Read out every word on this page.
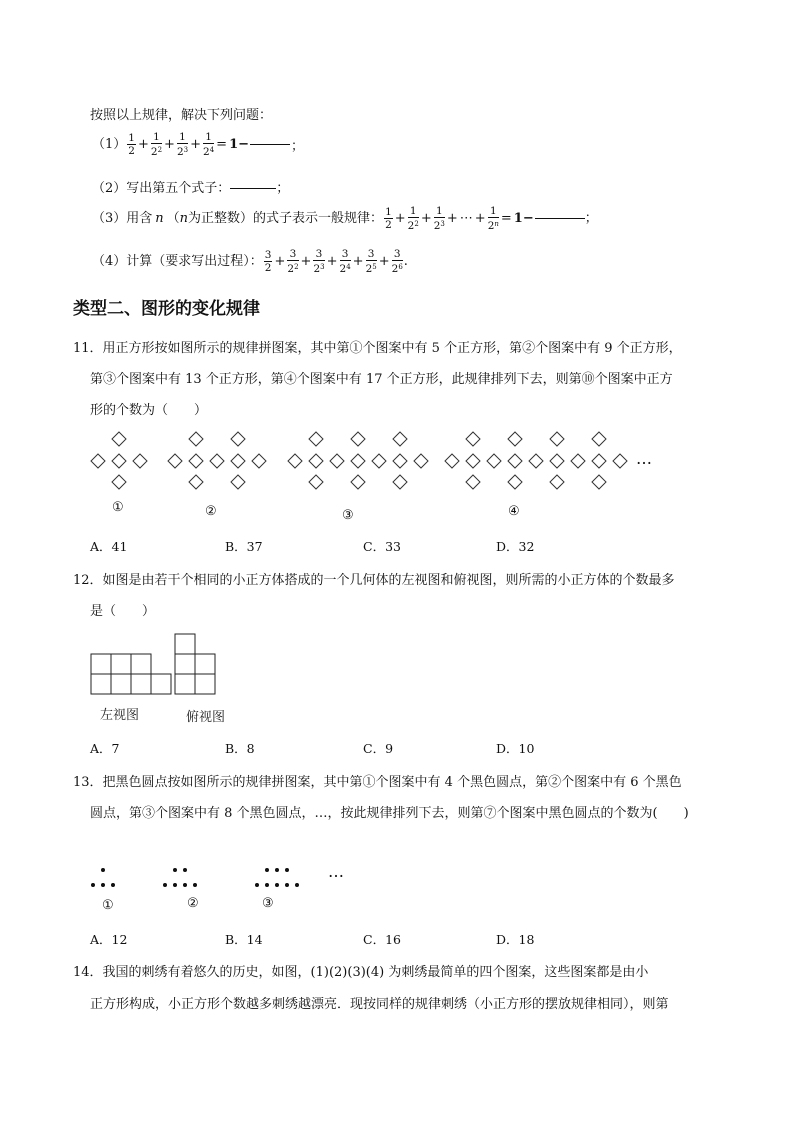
按照以上规律，解决下列问题：
$(1) \frac{1}{2} + \frac{1}{2^2} + \frac{1}{2^3} + \frac{1}{2^4} = 1-$	；
（2）写出第五个式子：	；
（3）用含 n （n为正整数）的式子表示一般规律： $\frac{1}{2} + \frac{1}{2^2} + \frac{1}{2^3}$ + ⋯ + $\frac{1}{2^n} = 1-$	；
（4）计算（要求写出过程）： $\frac{3}{2} + \frac{3}{2^2} + \frac{3}{2^3} + \frac{3}{2^4} + \frac{3}{2^5} + \frac{3}{2^6}$ .
类型二、图形的变化规律
11．用正方形按如图所示的规律拼图案，其中第①个图案中有 5 个正方形，第②个图案中有 9 个正方形，
第③个图案中有 13 个正方形，第④个图案中有 17 个正方形，此规律排列下去，则第⑩个图案中正方
形的个数为（　　）
①	②	③	④
…
A．41	B．37	C．33	D．32
12．如图是由若干个相同的小正方体搭成的一个几何体的左视图和俯视图，则所需的小正方体的个数最多
是（　　）
左视图	俯视图
A．7	B．8	C．9	D．10
13．把黑色圆点按如图所示的规律拼图案，其中第①个图案中有 4 个黑色圆点，第②个图案中有 6 个黑色
圆点，第③个图案中有 8 个黑色圆点，…，按此规律排列下去，则第⑦个图案中黑色圆点的个数为(　　)
…
①	②	③
A．12	B．14	C．16	D．18
14．我国的刺绣有着悠久的历史，如图，(1)(2)(3)(4) 为刺绣最简单的四个图案，这些图案都是由小
正方形构成，小正方形个数越多刺绣越漂亮．现按同样的规律刺绣（小正方形的摆放规律相同），则第
